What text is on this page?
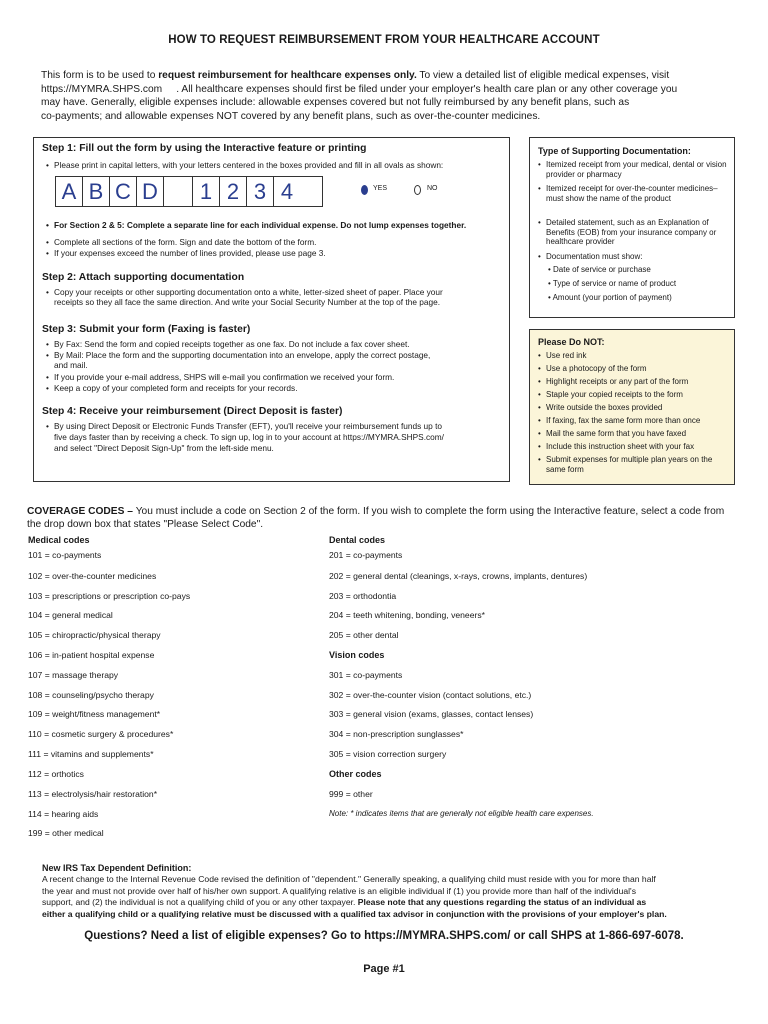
HOW TO REQUEST REIMBURSEMENT FROM YOUR HEALTHCARE ACCOUNT
This form is to be used to request reimbursement for healthcare expenses only. To view a detailed list of eligible medical expenses, visit
https://MYMRA.SHPS.com     . All healthcare expenses should first be filed under your employer's health care plan or any other coverage you
may have. Generally, eligible expenses include: allowable expenses covered but not fully reimbursed by any benefit plans, such as
co-payments; and allowable expenses NOT covered by any benefit plans, such as over-the-counter medicines.
Step 1: Fill out the form by using the Interactive feature or printing
• Please print in capital letters, with your letters centered in the boxes provided and fill in all ovals as shown:
A B C D	1 2 3 4	YES	NO
• For Section 2 & 5: Complete a separate line for each individual expense. Do not lump expenses together.
• Complete all sections of the form. Sign and date the bottom of the form.
• If your expenses exceed the number of lines provided, please use page 3.
Step 2: Attach supporting documentation
• Copy your receipts or other supporting documentation onto a white, letter-sized sheet of paper. Place your
receipts so they all face the same direction. And write your Social Security Number at the top of the page.
Step 3: Submit your form (Faxing is faster)
• By Fax: Send the form and copied receipts together as one fax. Do not include a fax cover sheet.
• By Mail: Place the form and the supporting documentation into an envelope, apply the correct postage,
and mail.
• If you provide your e-mail address, SHPS will e-mail you confirmation we received your form.
• Keep a copy of your completed form and receipts for your records.
Step 4: Receive your reimbursement (Direct Deposit is faster)
• By using Direct Deposit or Electronic Funds Transfer (EFT), you'll receive your reimbursement funds up to
five days faster than by receiving a check. To sign up, log in to your account at https://MYMRA.SHPS.com/
and select "Direct Deposit Sign-Up" from the left-side menu.
Type of Supporting Documentation:
• Itemized receipt from your medical, dental or vision provider or pharmacy
• Itemized receipt for over-the-counter medicines– must show the name of the product
• Detailed statement, such as an Explanation of Benefits (EOB) from your insurance company or healthcare provider
• Documentation must show:
• Date of service or purchase
• Type of service or name of product
• Amount (your portion of payment)
Please Do NOT:
• Use red ink
• Use a photocopy of the form
• Highlight receipts or any part of the form
• Staple your copied receipts to the form
• Write outside the boxes provided
• If faxing, fax the same form more than once
• Mail the same form that you have faxed
• Include this instruction sheet with your fax
• Submit expenses for multiple plan years on the same form
COVERAGE CODES – You must include a code on Section 2 of the form. If you wish to complete the form using the Interactive feature, select a code from
the drop down box that states "Please Select Code".
Medical codes
101 = co-payments
102 = over-the-counter medicines
103 = prescriptions or prescription co-pays
104 = general medical
105 = chiropractic/physical therapy
106 = in-patient hospital expense
107 = massage therapy
108 = counseling/psycho therapy
109 = weight/fitness management*
110 = cosmetic surgery & procedures*
111 = vitamins and supplements*
112 = orthotics
113 = electrolysis/hair restoration*
114 = hearing aids
199 = other medical
Dental codes
201 = co-payments
202 = general dental (cleanings, x-rays, crowns, implants, dentures)
203 = orthodontia
204 = teeth whitening, bonding, veneers*
205 = other dental
Vision codes
301 = co-payments
302 = over-the-counter vision (contact solutions, etc.)
303 = general vision (exams, glasses, contact lenses)
304 = non-prescription sunglasses*
305 = vision correction surgery
Other codes
999 = other
Note: * indicates items that are generally not eligible health care expenses.
New IRS Tax Dependent Definition:
A recent change to the Internal Revenue Code revised the definition of "dependent." Generally speaking, a qualifying child must reside with you for more than half
the year and must not provide over half of his/her own support. A qualifying relative is an eligible individual if (1) you provide more than half of the individual's
support, and (2) the individual is not a qualifying child of you or any other taxpayer. Please note that any questions regarding the status of an individual as
either a qualifying child or a qualifying relative must be discussed with a qualified tax advisor in conjunction with the provisions of your employer's plan.
Questions? Need a list of eligible expenses? Go to https://MYMRA.SHPS.com/ or call SHPS at 1-866-697-6078.
Page #1
